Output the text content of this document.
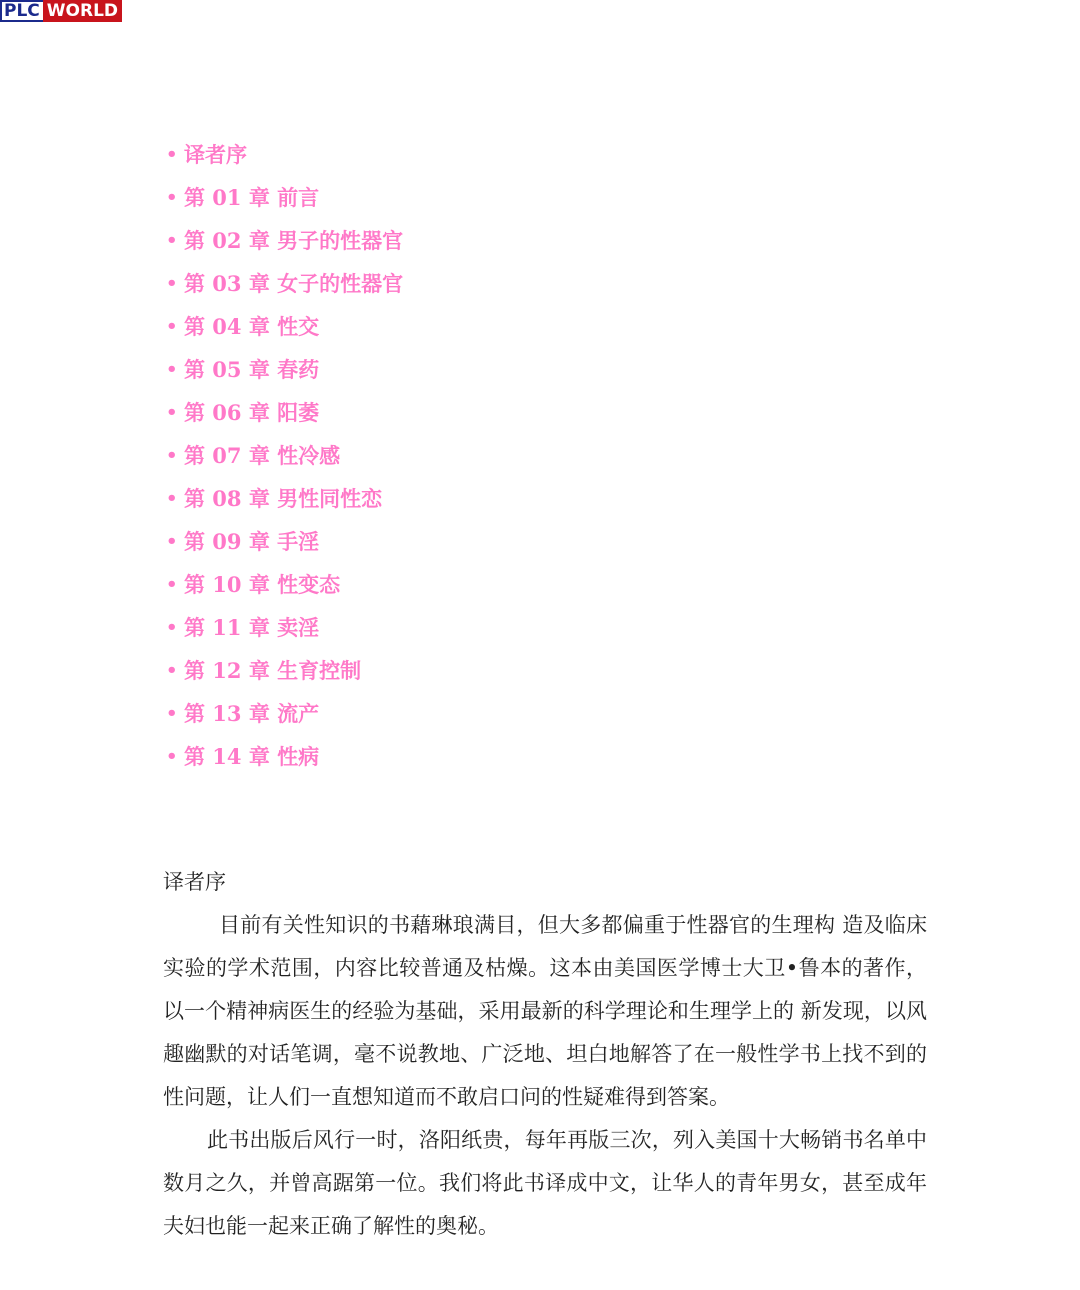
PLC WORLD
• 译者序
• 第 01 章 前言
• 第 02 章 男子的性器官
• 第 03 章 女子的性器官
• 第 04 章 性交
• 第 05 章 春药
• 第 06 章 阳萎
• 第 07 章 性冷感
• 第 08 章 男性同性恋
• 第 09 章 手淫
• 第 10 章 性变态
• 第 11 章 卖淫
• 第 12 章 生育控制
• 第 13 章 流产
• 第 14 章 性病
译者序

目前有关性知识的书藉琳琅满目，但大多都偏重于性器官的生理构 造及临床实验的学术范围，内容比较普通及枯燥。这本由美国医学博士大卫•鲁本的著作，以一个精神病医生的经验为基础，采用最新的科学理论和生理学上的 新发现，以风趣幽默的对话笔调，毫不说教地、广泛地、坦白地解答了在一般性学书上找不到的性问题，让人们一直想知道而不敢启口问的性疑难得到答案。

此书出版后风行一时，洛阳纸贵，每年再版三次，列入美国十大畅销书名单中数月之久，并曾高踞第一位。我们将此书译成中文，让华人的青年男女，甚至成年夫妇也能一起来正确了解性的奥秘。
